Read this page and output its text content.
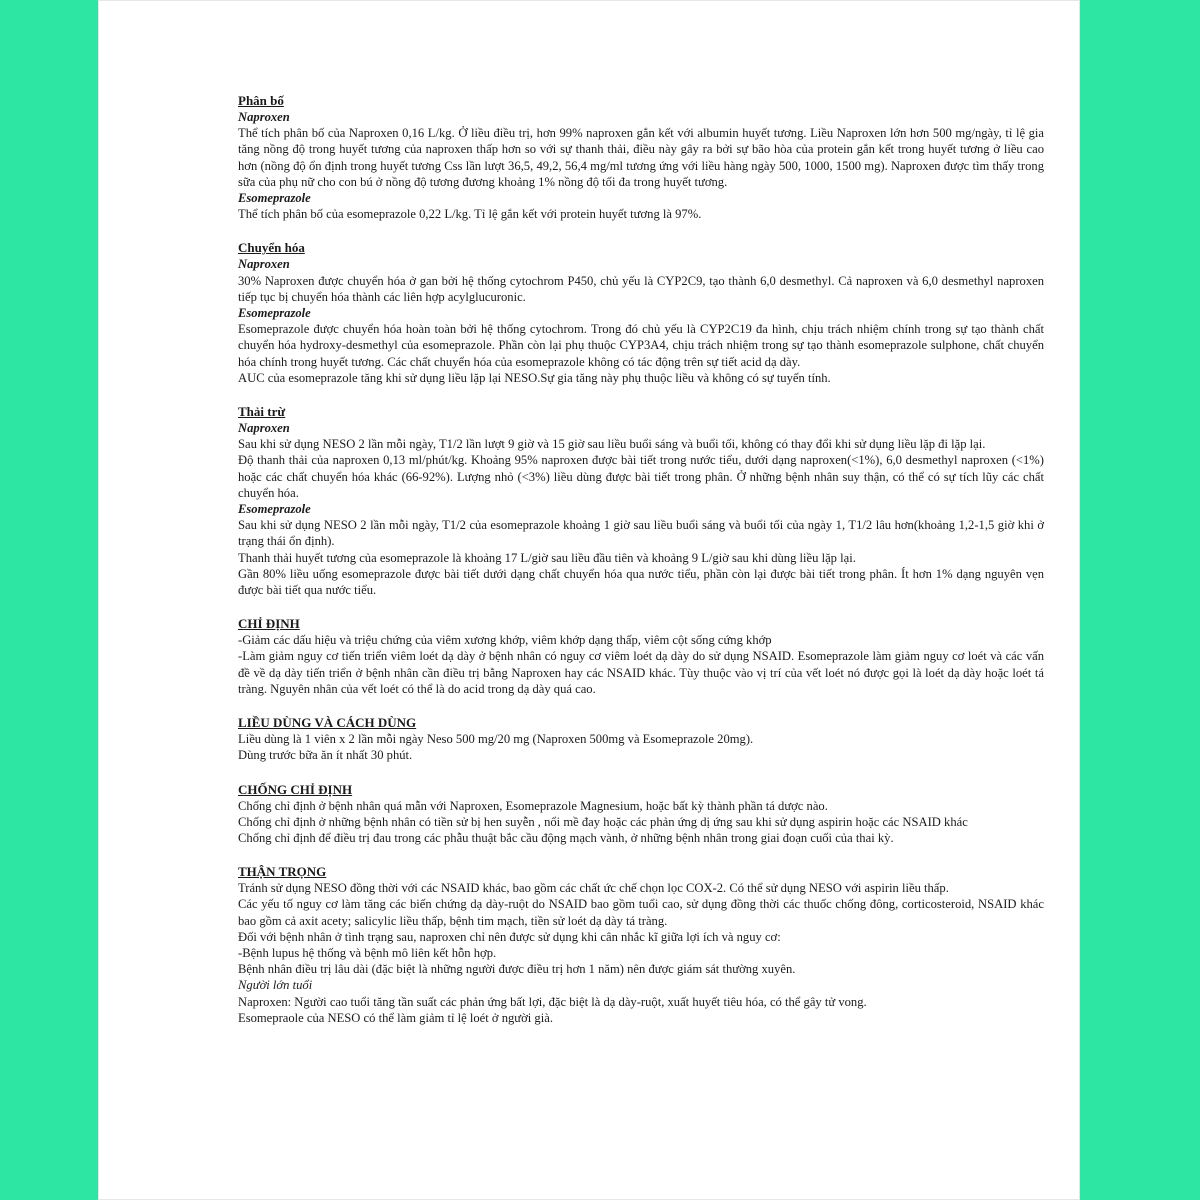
Phân bố
Naproxen
Thể tích phân bố của Naproxen 0,16 L/kg. Ở liều điều trị, hơn 99% naproxen gắn kết với albumin huyết tương. Liều Naproxen lớn hơn 500 mg/ngày, tỉ lệ gia tăng nồng độ trong huyết tương của naproxen thấp hơn so với sự thanh thải, điều này gây ra bởi sự bão hòa của protein gắn kết trong huyết tương ở liều cao hơn (nồng độ ổn định trong huyết tương Css lần lượt 36,5, 49,2, 56,4 mg/ml tương ứng với liều hàng ngày 500, 1000, 1500 mg). Naproxen được tìm thấy trong sữa của phụ nữ cho con bú ở nồng độ tương đương khoảng 1% nồng độ tối đa trong huyết tương.
Esomeprazole
Thể tích phân bố của esomeprazole 0,22 L/kg. Tỉ lệ gắn kết với protein huyết tương là 97%.
Chuyển hóa
Naproxen
30% Naproxen được chuyển hóa ở gan bởi hệ thống cytochrom P450, chủ yếu là CYP2C9, tạo thành 6,0 desmethyl. Cả naproxen và 6,0 desmethyl naproxen tiếp tục bị chuyển hóa thành các liên hợp acylglucuronic.
Esomeprazole
Esomeprazole được chuyển hóa hoàn toàn bởi hệ thống cytochrom. Trong đó chủ yếu là CYP2C19 đa hình, chịu trách nhiệm chính trong sự tạo thành chất chuyển hóa hydroxy-desmethyl của esomeprazole. Phần còn lại phụ thuộc CYP3A4, chịu trách nhiệm trong sự tạo thành esomeprazole sulphone, chất chuyển hóa chính trong huyết tương. Các chất chuyển hóa của esomeprazole không có tác động trên sự tiết acid dạ dày.
AUC của esomeprazole tăng khi sử dụng liều lặp lại NESO.Sự gia tăng này phụ thuộc liều và không có sự tuyến tính.
Thải trừ
Naproxen
Sau khi sử dụng NESO 2 lần mỗi ngày, T1/2 lần lượt 9 giờ và 15 giờ sau liều buổi sáng và buổi tối, không có thay đổi khi sử dụng liều lặp đi lặp lại.
Độ thanh thải của naproxen 0,13 ml/phút/kg. Khoảng 95% naproxen được bài tiết trong nước tiểu, dưới dạng naproxen(<1%), 6,0 desmethyl naproxen (<1%) hoặc các chất chuyển hóa khác (66-92%). Lượng nhỏ (<3%) liều dùng được bài tiết trong phân. Ở những bệnh nhân suy thận, có thể có sự tích lũy các chất chuyển hóa.
Esomeprazole
Sau khi sử dụng NESO 2 lần mỗi ngày, T1/2 của esomeprazole khoảng 1 giờ sau liều buổi sáng và buổi tối của ngày 1, T1/2 lâu hơn(khoảng 1,2-1,5 giờ khi ở trạng thái ổn định).
Thanh thải huyết tương của esomeprazole là khoảng 17 L/giờ sau liều đầu tiên và khoảng 9 L/giờ sau khi dùng liều lặp lại.
Gần 80% liều uống esomeprazole được bài tiết dưới dạng chất chuyển hóa qua nước tiểu, phần còn lại được bài tiết trong phân. Ít hơn 1% dạng nguyên vẹn được bài tiết qua nước tiểu.
CHỈ ĐỊNH
-Giảm các dấu hiệu và triệu chứng của viêm xương khớp, viêm khớp dạng thấp, viêm cột sống cứng khớp
-Làm giảm nguy cơ tiến triển viêm loét dạ dày ở bệnh nhân có nguy cơ viêm loét dạ dày do sử dụng NSAID. Esomeprazole làm giảm nguy cơ loét và các vấn đề về dạ dày tiến triển ở bệnh nhân cần điều trị bằng Naproxen hay các NSAID khác. Tùy thuộc vào vị trí của vết loét nó được gọi là loét dạ dày hoặc loét tá tràng. Nguyên nhân của vết loét có thể là do acid trong dạ dày quá cao.
LIỀU DÙNG VÀ CÁCH DÙNG
Liều dùng là 1 viên x 2 lần mỗi ngày Neso 500 mg/20 mg (Naproxen 500mg và Esomeprazole 20mg).
Dùng trước bữa ăn ít nhất 30 phút.
CHỐNG CHỈ ĐỊNH
Chống chỉ định ở bệnh nhân quá mẫn với Naproxen, Esomeprazole Magnesium, hoặc bất kỳ thành phần tá dược nào.
Chống chỉ định ở những bệnh nhân có tiền sử bị hen suyễn , nổi mề đay hoặc các phản ứng dị ứng sau khi sử dụng aspirin hoặc các NSAID khác
Chống chỉ định để điều trị đau trong các phẫu thuật bắc cầu động mạch vành, ở những bệnh nhân trong giai đoạn cuối của thai kỳ.
THẬN TRỌNG
Tránh sử dụng NESO đồng thời với các NSAID khác, bao gồm các chất ức chế chọn lọc COX-2. Có thể sử dụng NESO với aspirin liều thấp.
Các yếu tố nguy cơ làm tăng các biến chứng dạ dày-ruột do NSAID bao gồm tuổi cao, sử dụng đồng thời các thuốc chống đông, corticosteroid, NSAID khác bao gồm cả axit acety; salicylic liều thấp, bệnh tim mạch, tiền sử loét dạ dày tá tràng.
Đối với bệnh nhân ở tình trạng sau, naproxen chỉ nên được sử dụng khi cân nhắc kĩ giữa lợi ích và nguy cơ:
-Bệnh lupus hệ thống và bệnh mô liên kết hỗn hợp.
Bệnh nhân điều trị lâu dài (đặc biệt là những người được điều trị hơn 1 năm) nên được giám sát thường xuyên.
Người lớn tuổi
Naproxen: Người cao tuổi tăng tần suất các phản ứng bất lợi, đặc biệt là dạ dày-ruột, xuất huyết tiêu hóa, có thể gây tử vong.
Esomepraole của NESO có thể làm giảm tỉ lệ loét ở người già.
